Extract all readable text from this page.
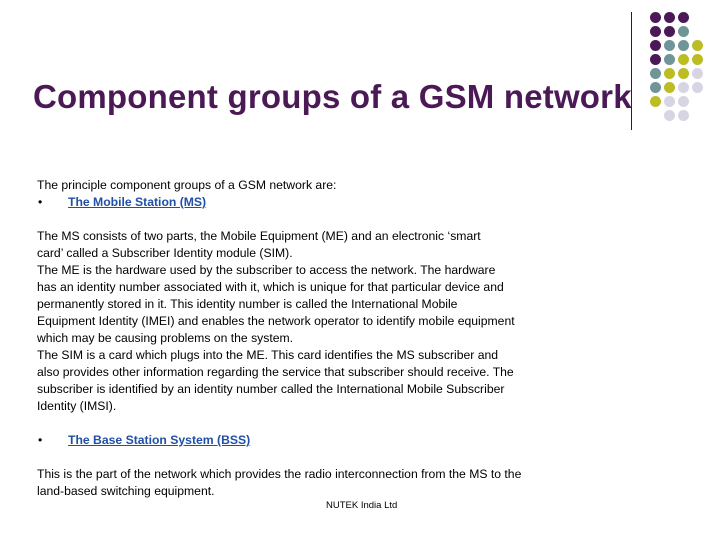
Component groups of a GSM network
The principle component groups of a GSM network are:
• The Mobile Station (MS)
The MS consists of two parts, the Mobile Equipment (ME) and an electronic ‘smart
card’ called a Subscriber Identity module (SIM).
The ME is the hardware used by the subscriber to access the network. The hardware
has an identity number associated with it, which is unique for that particular device and
permanently stored in it. This identity number is called the International Mobile
Equipment Identity (IMEI) and enables the network operator to identify mobile equipment
which may be causing problems on the system.
The SIM is a card which plugs into the ME. This card identifies the MS subscriber and
also provides other information regarding the service that subscriber should receive. The
subscriber is identified by an identity number called the International Mobile Subscriber
Identity (IMSI).
• The Base Station System (BSS)
This is the part of the network which provides the radio interconnection from the MS to the
land-based switching equipment.
NUTEK India Ltd
